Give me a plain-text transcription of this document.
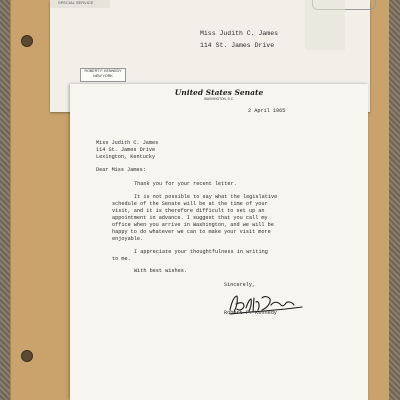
SPECIAL SERVICE
Miss Judith C. James
114 St. James Drive
ROBERT F. KENNEDY
NEW YORK
United States Senate
WASHINGTON, D.C.

2 April 1965

Miss Judith C. James

114 St. James Drive

Lexington, Kentucky

Dear Miss James:

Thank you for your recent letter.

It is not possible to say what the legislative

schedule of the Senate will be at the time of your

visit, and it is therefore difficult to set up an

appointment in advance. I suggest that you call my

office when you arrive in Washington, and we will be

happy to do whatever we can to make your visit more

enjoyable.

I appreciate your thoughtfulness in writing

to me.

With best wishes.

Sincerely,

Robert F. Kennedy
